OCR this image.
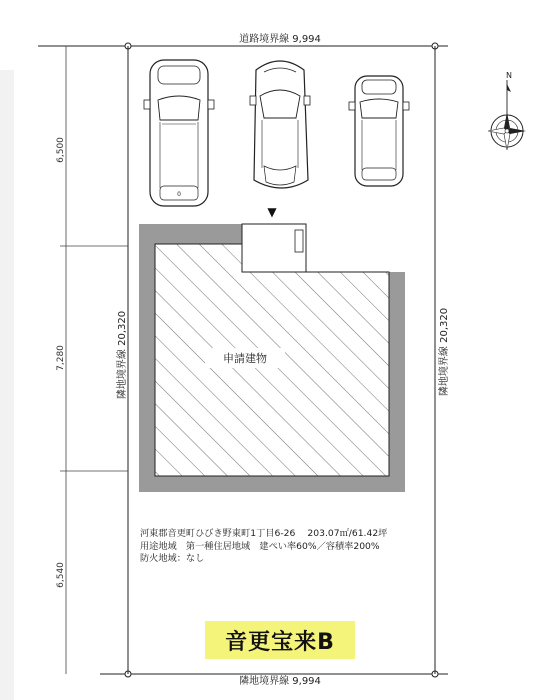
道路境界線 9,994
隣地境界線 9,994
6,500
7,280
6,540
隣地境界線 20,320	隣地境界線 20,320
申請建物
▼
0
N
河東郡音更町ひびき野東町1丁目6-26　 203.07㎡/61.42坪
用途地域　第一種住居地域　建ぺい率60%／容積率200%
防火地域：なし
音更宝来B
